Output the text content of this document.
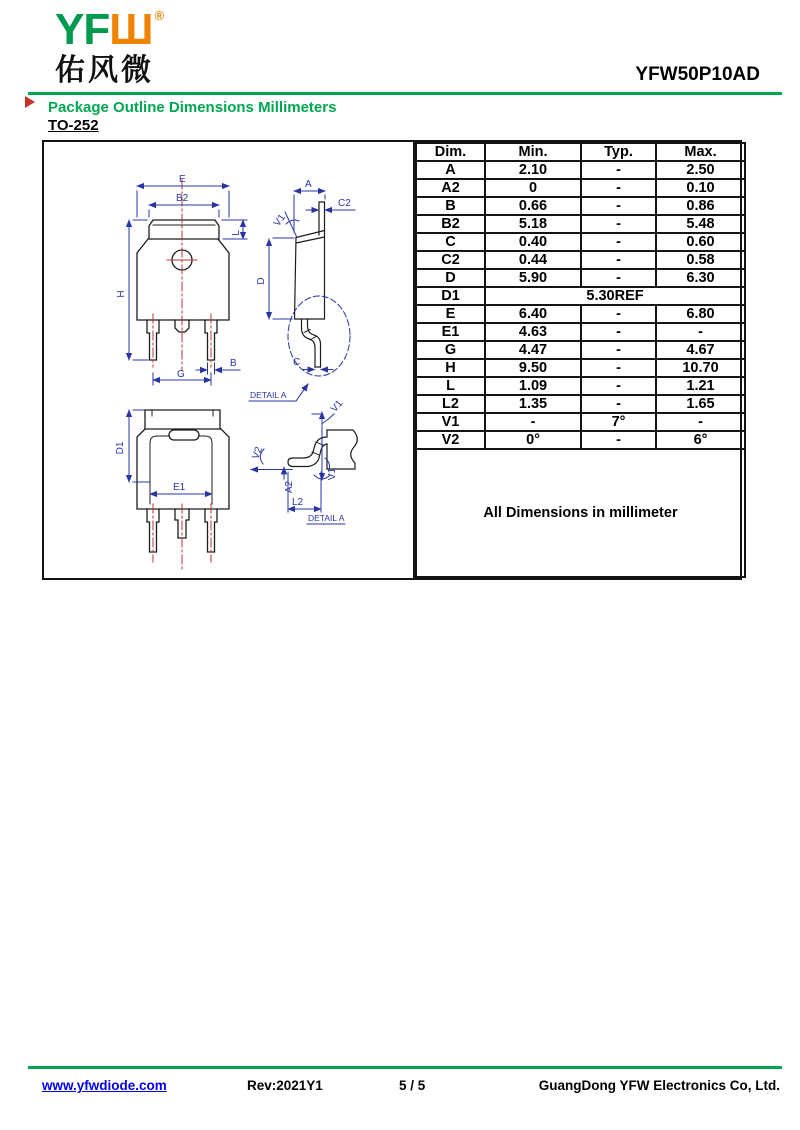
YFШ ®
佑风微	YFW50P10AD
Package Outline Dimensions Millimeters
TO-252
E
B2
H
L
B
G
A
C2
V1
D
C
DETAIL A
D1
E1
V1
V2
A2
L2
V1
DETAIL A
Dim.	Min.	Typ.	Max.
A	2.10	-	2.50
A2	0	-	0.10
B	0.66	-	0.86
B2	5.18	-	5.48
C	0.40	-	0.60
C2	0.44	-	0.58
D	5.90	-	6.30
D1	5.30REF		
E	6.40	-	6.80
E1	4.63	-	-
G	4.47	-	4.67
H	9.50	-	10.70
L	1.09	-	1.21
L2	1.35	-	1.65
V1	-	7°	-
V2	0°	-	6°
All Dimensions in millimeter			
www.yfwdiode.com	Rev:2021Y1	5 / 5	GuangDong YFW Electronics Co, Ltd.
